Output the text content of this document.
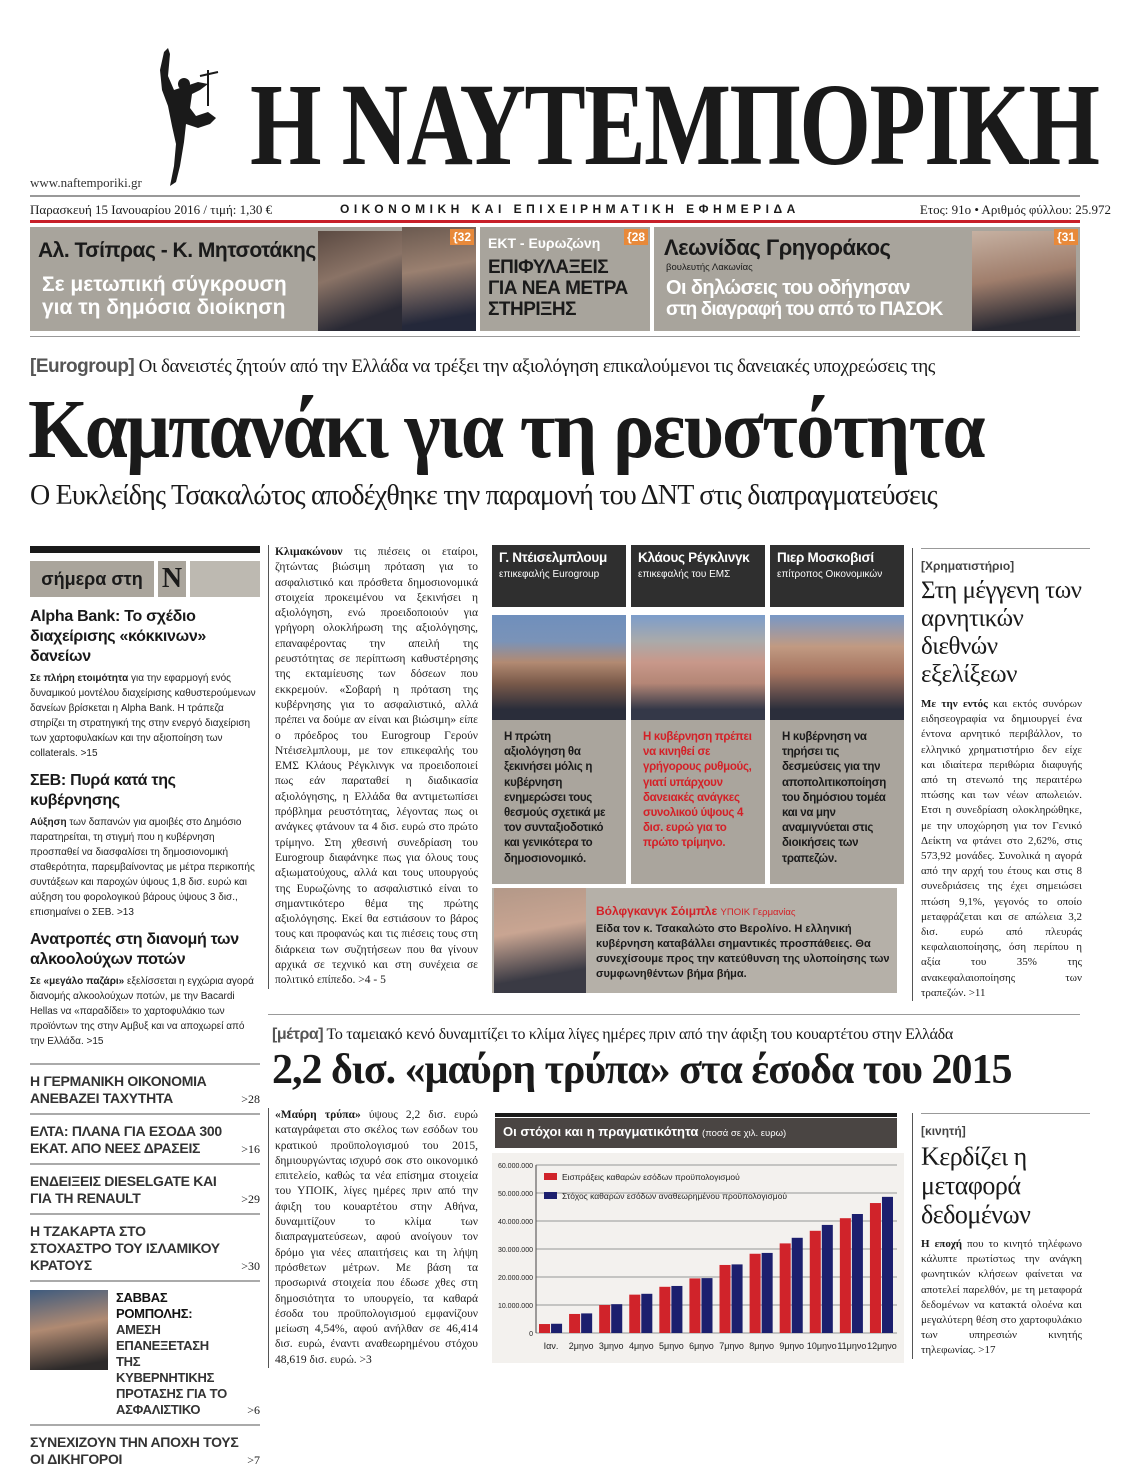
Η ΝΑΥΤΕΜΠΟΡΙΚΗ
www.naftemporiki.gr
Παρασκευή 15 Ιανουαρίου 2016 / τιμή: 1,30 €	ΟΙΚΟΝΟΜΙΚΗ ΚΑΙ ΕΠΙΧΕΙΡΗΜΑΤΙΚΗ ΕΦΗΜΕΡΙΔΑ	Ετος: 91ο • Αριθμός φύλλου: 25.972
Αλ. Τσίπρας - Κ. Μητσοτάκης
Σε μετωπική σύγκρουση
για τη δημόσια διοίκηση
{32 ΕΚΤ - Ευρωζώνη
ΕΠΙΦΥΛΑΞΕΙΣ
ΓΙΑ ΝΕΑ ΜΕΤΡΑ
ΣΤΗΡΙΞΗΣ
{28 Λεωνίδας Γρηγοράκος
βουλευτής Λακωνίας
Οι δηλώσεις του οδήγησαν
στη διαγραφή του από το ΠΑΣΟΚ
{31
[Eurogroup] Οι δανειστές ζητούν από την Ελλάδα να τρέξει την αξιολόγηση επικαλούμενοι τις δανειακές υποχρεώσεις της
Καμπανάκι για τη ρευστότητα
Ο Ευκλείδης Τσακαλώτος αποδέχθηκε την παραμονή του ΔΝΤ στις διαπραγματεύσεις
σήμερα στη N
Alpha Bank: Το σχέδιο διαχείρισης «κόκκινων» δανείων
Σε πλήρη ετοιμότητα για την εφαρμογή ενός δυναμικού μοντέλου διαχείρισης καθυστερούμενων δανείων βρίσκεται η Alpha Bank. Η τράπεζα στηρίζει τη στρατηγική της στην ενεργό διαχείριση των χαρτοφυλακίων και την αξιοποίηση των collaterals. >15
ΣΕΒ: Πυρά κατά της κυβέρνησης
Αύξηση των δαπανών για αμοιβές στο Δημόσιο παρατηρείται, τη στιγμή που η κυβέρνηση προσπαθεί να διασφαλίσει τη δημοσιονομική σταθερότητα, παρεμβαίνοντας με μέτρα περικοπής συντάξεων και παροχών ύψους 1,8 δισ. ευρώ και αύξηση του φορολογικού βάρους ύψους 3 δισ., επισημαίνει ο ΣΕΒ. >13
Ανατροπές στη διανομή των αλκοολούχων ποτών
Σε «μεγάλο παζάρι» εξελίσσεται η εγχώρια αγορά διανομής αλκοολούχων ποτών, με την Bacardi Hellas να «παραδίδει» το χαρτοφυλάκιο των προϊόντων της στην Αμβυξ και να αποχωρεί από την Ελλάδα. >15
Η ΓΕΡΜΑΝΙΚΗ ΟΙΚΟΝΟΜΙΑ ΑΝΕΒΑΖΕΙ ΤΑΧΥΤΗΤΑ	>28
ΕΛΤΑ: ΠΛΑΝΑ ΓΙΑ ΕΣΟΔΑ 300 ΕΚΑΤ. ΑΠΟ ΝΕΕΣ ΔΡΑΣΕΙΣ	>16
ΕΝΔΕΙΞΕΙΣ DIESELGATE ΚΑΙ ΓΙΑ ΤΗ RENAULT	>29
Η ΤΖΑΚΑΡΤΑ ΣΤΟ ΣΤΟΧΑΣΤΡΟ ΤΟΥ ΙΣΛΑΜΙΚΟΥ ΚΡΑΤΟΥΣ	>30
ΣΑΒΒΑΣ ΡΟΜΠΟΛΗΣ:
ΑΜΕΣΗ ΕΠΑΝΕΞΕΤΑΣΗ ΤΗΣ ΚΥΒΕΡΝΗΤΙΚΗΣ ΠΡΟΤΑΣΗΣ ΓΙΑ ΤΟ ΑΣΦΑΛΙΣΤΙΚΟ	>6
ΣΥΝΕΧΙΖΟΥΝ ΤΗΝ ΑΠΟΧΗ ΤΟΥΣ ΟΙ ΔΙΚΗΓΟΡΟΙ	>7
Κλιμακώνουν τις πιέσεις οι εταίροι, ζητώντας βιώσιμη πρόταση για το ασφαλιστικό και πρόσθετα δημοσιονομικά στοιχεία προκειμένου να ξεκινήσει η αξιολόγηση, ενώ προειδοποιούν για γρήγορη ολοκλήρωση της αξιολόγησης, επαναφέροντας την απειλή της ρευστότητας σε περίπτωση καθυστέρησης της εκταμίευσης των δόσεων που εκκρεμούν. «Σοβαρή η πρόταση της κυβέρνησης για το ασφαλιστικό, αλλά πρέπει να δούμε αν είναι και βιώσιμη» είπε ο πρόεδρος του Eurogroup Γερούν Ντέισελμπλουμ, με τον επικεφαλής του ΕΜΣ Κλάους Ρέγκλινγκ να προειδοποιεί πως εάν παραταθεί η διαδικασία αξιολόγησης, η Ελλάδα θα αντιμετωπίσει πρόβλημα ρευστότητας, λέγοντας πως οι ανάγκες φτάνουν τα 4 δισ. ευρώ στο πρώτο τρίμηνο. Στη χθεσινή συνεδρίαση του Eurogroup διαφάνηκε πως για όλους τους αξιωματούχους, αλλά και τους υπουργούς της Ευρωζώνης το ασφαλιστικό είναι το σημαντικότερο θέμα της πρώτης αξιολόγησης. Εκεί θα εστιάσουν το βάρος τους και προφανώς και τις πιέσεις τους στη διάρκεια των συζητήσεων που θα γίνουν αρχικά σε τεχνικό και στη συνέχεια σε πολιτικό επίπεδο. >4 - 5
Γ. Ντέισελμπλουμ
επικεφαλής Eurogroup
Κλάους Ρέγκλινγκ
επικεφαλής του ΕΜΣ
Πιερ Μοσκοβισί
επίτροπος Οικονομικών
Η πρώτη αξιολόγηση θα ξεκινήσει μόλις η κυβέρνηση ενημερώσει τους θεσμούς σχετικά με τον συνταξιοδοτικό και γενικότερα το δημοσιονομικό.
Η κυβέρνηση πρέπει να κινηθεί σε γρήγορους ρυθμούς, γιατί υπάρχουν δανειακές ανάγκες συνολικού ύψους 4 δισ. ευρώ για το πρώτο τρίμηνο.
Η κυβέρνηση να τηρήσει τις δεσμεύσεις για την αποπολιτικοποίηση του δημόσιου τομέα και να μην αναμιγνύεται στις διοικήσεις των τραπεζών.
Βόλφγκανγκ Σόιμπλε ΥΠΟΙΚ Γερμανίας
Είδα τον κ. Τσακαλώτο στο Βερολίνο. Η ελληνική κυβέρνηση καταβάλλει σημαντικές προσπάθειες. Θα συνεχίσουμε προς την κατεύθυνση της υλοποίησης των συμφωνηθέντων βήμα βήμα.
[Χρηματιστήριο]
Στη μέγγενη των αρνητικών διεθνών εξελίξεων
Με την εντός και εκτός συνόρων ειδησεογραφία να δημιουργεί ένα έντονα αρνητικό περιβάλλον, το ελληνικό χρηματιστήριο δεν είχε και ιδιαίτερα περιθώρια διαφυγής από τη στενωπό της περαιτέρω πτώσης και των νέων απωλειών. Ετσι η συνεδρίαση ολοκληρώθηκε, με την υποχώρηση για τον Γενικό Δείκτη να φτάνει στο 2,62%, στις 573,92 μονάδες. Συνολικά η αγορά από την αρχή του έτους και στις 8 συνεδριάσεις της έχει σημειώσει πτώση 9,1%, γεγονός το οποίο μεταφράζεται και σε απώλεια 3,2 δισ. ευρώ από πλευράς κεφαλαιοποίησης, όση περίπου η αξία του 35% της ανακεφαλαιοποίησης των τραπεζών. >11
[μέτρα] Το ταμειακό κενό δυναμιτίζει το κλίμα λίγες ημέρες πριν από την άφιξη του κουαρτέτου στην Ελλάδα
2,2 δισ. «μαύρη τρύπα» στα έσοδα του 2015
«Μαύρη τρύπα» ύψους 2,2 δισ. ευρώ καταγράφεται στο σκέλος των εσόδων του κρατικού προϋπολογισμού του 2015, δημιουργώντας ισχυρό σοκ στο οικονομικό επιτελείο, καθώς τα νέα επίσημα στοιχεία του ΥΠΟΙΚ, λίγες ημέρες πριν από την άφιξη του κουαρτέτου στην Αθήνα, δυναμιτίζουν το κλίμα των διαπραγματεύσεων, αφού ανοίγουν τον δρόμο για νέες απαιτήσεις και τη λήψη πρόσθετων μέτρων. Με βάση τα προσωρινά στοιχεία που έδωσε χθες στη δημοσιότητα το υπουργείο, τα καθαρά έσοδα του προϋπολογισμού εμφανίζουν μείωση 4,54%, αφού ανήλθαν σε 46,414 δισ. ευρώ, έναντι αναθεωρημένου στόχου 48,619 δισ. ευρώ. >3
Οι στόχοι και η πραγματικότητα (ποσά σε χιλ. ευρω)
0
10.000.000
20.000.000
30.000.000
40.000.000
50.000.000
60.000.000
Ιαν. 2μηνο 3μηνο 4μηνο 5μηνο 6μηνο 7μηνο 8μηνο 9μηνο 10μηνο 11μηνο 12μηνο
Εισπράξεις καθαρών εσόδων προϋπολογισμού
Στόχος καθαρών εσόδων αναθεωρημένου προϋπολογισμού
[κινητή]
Κερδίζει η μεταφορά δεδομένων
Η εποχή που το κινητό τηλέφωνο κάλυπτε πρωτίστως την ανάγκη φωνητικών κλήσεων φαίνεται να αποτελεί παρελθόν, με τη μεταφορά δεδομένων να κατακτά ολοένα και μεγαλύτερη θέση στο χαρτοφυλάκιο των υπηρεσιών κινητής τηλεφωνίας. >17
